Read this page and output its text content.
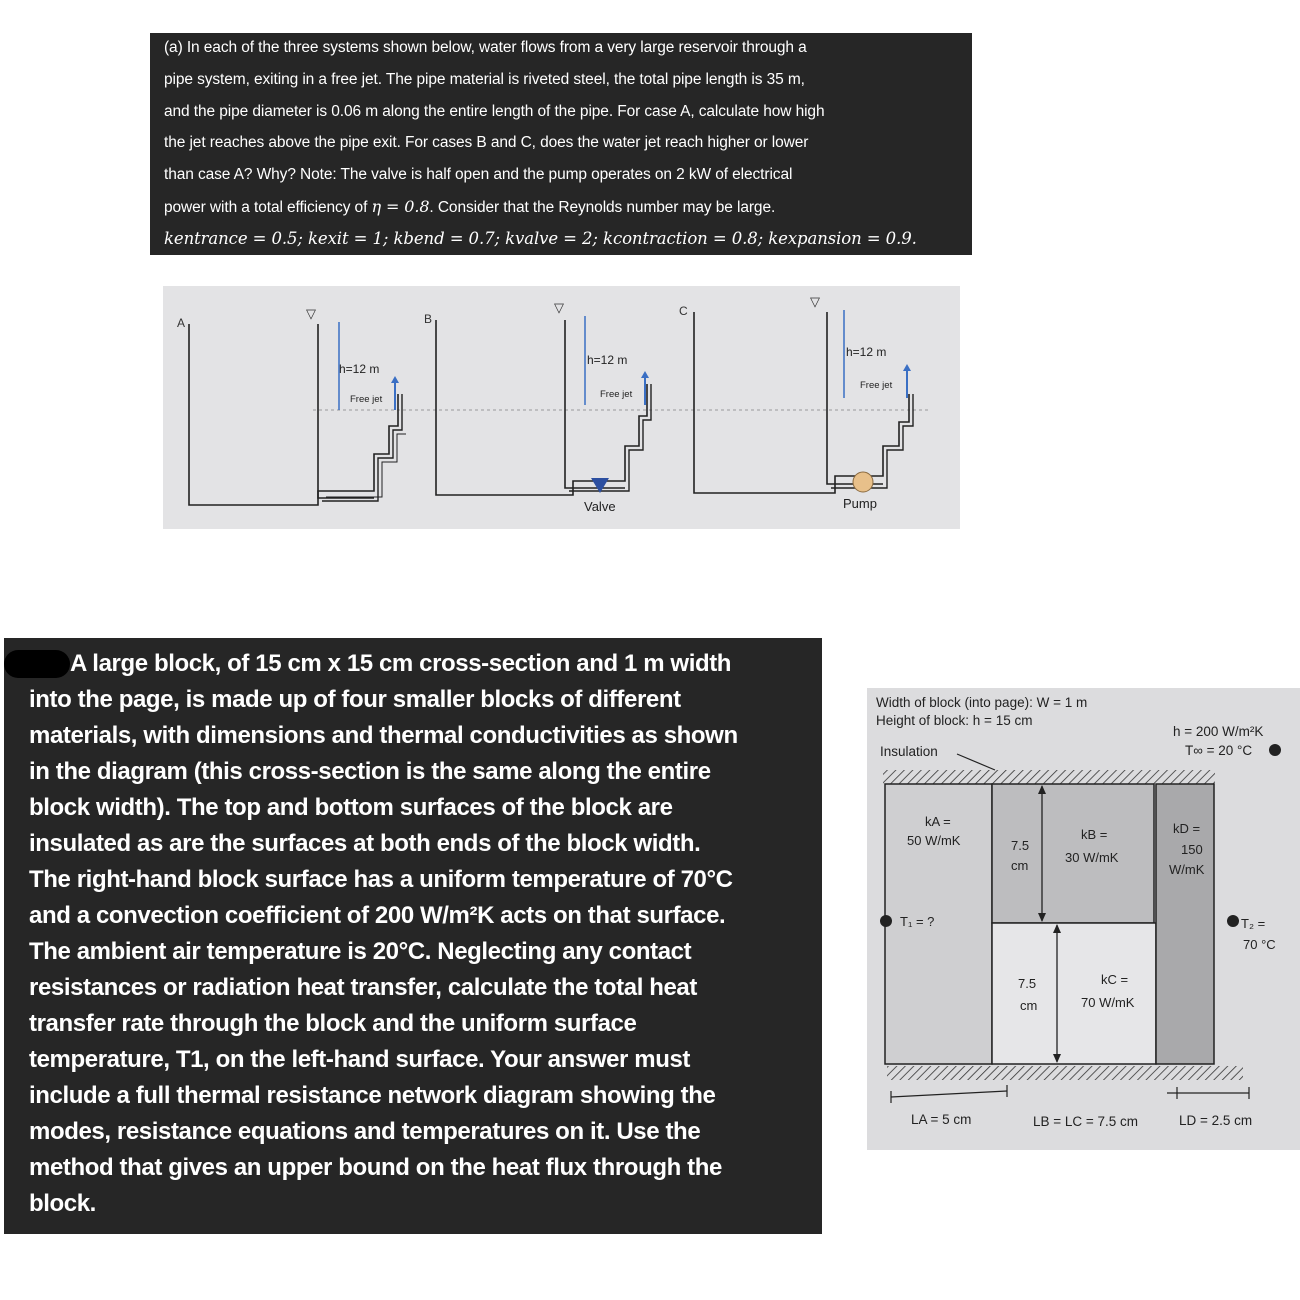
(a) In each of the three systems shown below, water flows from a very large reservoir through a
pipe system, exiting in a free jet. The pipe material is riveted steel, the total pipe length is 35 m,
and the pipe diameter is 0.06 m along the entire length of the pipe. For case A, calculate how high
the jet reaches above the pipe exit. For cases B and C, does the water jet reach higher or lower
than case A? Why? Note: The valve is half open and the pump operates on 2 kW of electrical
power with a total efficiency of η = 0.8. Consider that the Reynolds number may be large.
kentrance = 0.5; kexit = 1; kbend = 0.7; kvalve = 2; kcontraction = 0.8; kexpansion = 0.9.
A
▽
h=12 m
Free jet
B
Valve
▽
h=12 m
Free jet
C
Pump
▽
h=12 m
Free jet
A large block, of 15 cm x 15 cm cross-section and 1 m width
into the page, is made up of four smaller blocks of different
materials, with dimensions and thermal conductivities as shown
in the diagram (this cross-section is the same along the entire
block width). The top and bottom surfaces of the block are
insulated as are the surfaces at both ends of the block width.
The right-hand block surface has a uniform temperature of 70°C
and a convection coefficient of 200 W/m²K acts on that surface.
The ambient air temperature is 20°C. Neglecting any contact
resistances or radiation heat transfer, calculate the total heat
transfer rate through the block and the uniform surface
temperature, T1, on the left-hand surface. Your answer must
include a full thermal resistance network diagram showing the
modes, resistance equations and temperatures on it. Use the
method that gives an upper bound on the heat flux through the
block.
Width of block (into page): W = 1 m
Height of block: h = 15 cm
Insulation
h = 200 W/m²K
T∞ = 20 °C
kA =
50 W/mK	kB =
30 W/mK
kC =
70 W/mK
kD =
150
W/mK
7.5
cm
7.5
cm
T₁ = ?	T₂ =
70 °C
LA = 5 cm	LB = LC = 7.5 cm	LD = 2.5 cm
